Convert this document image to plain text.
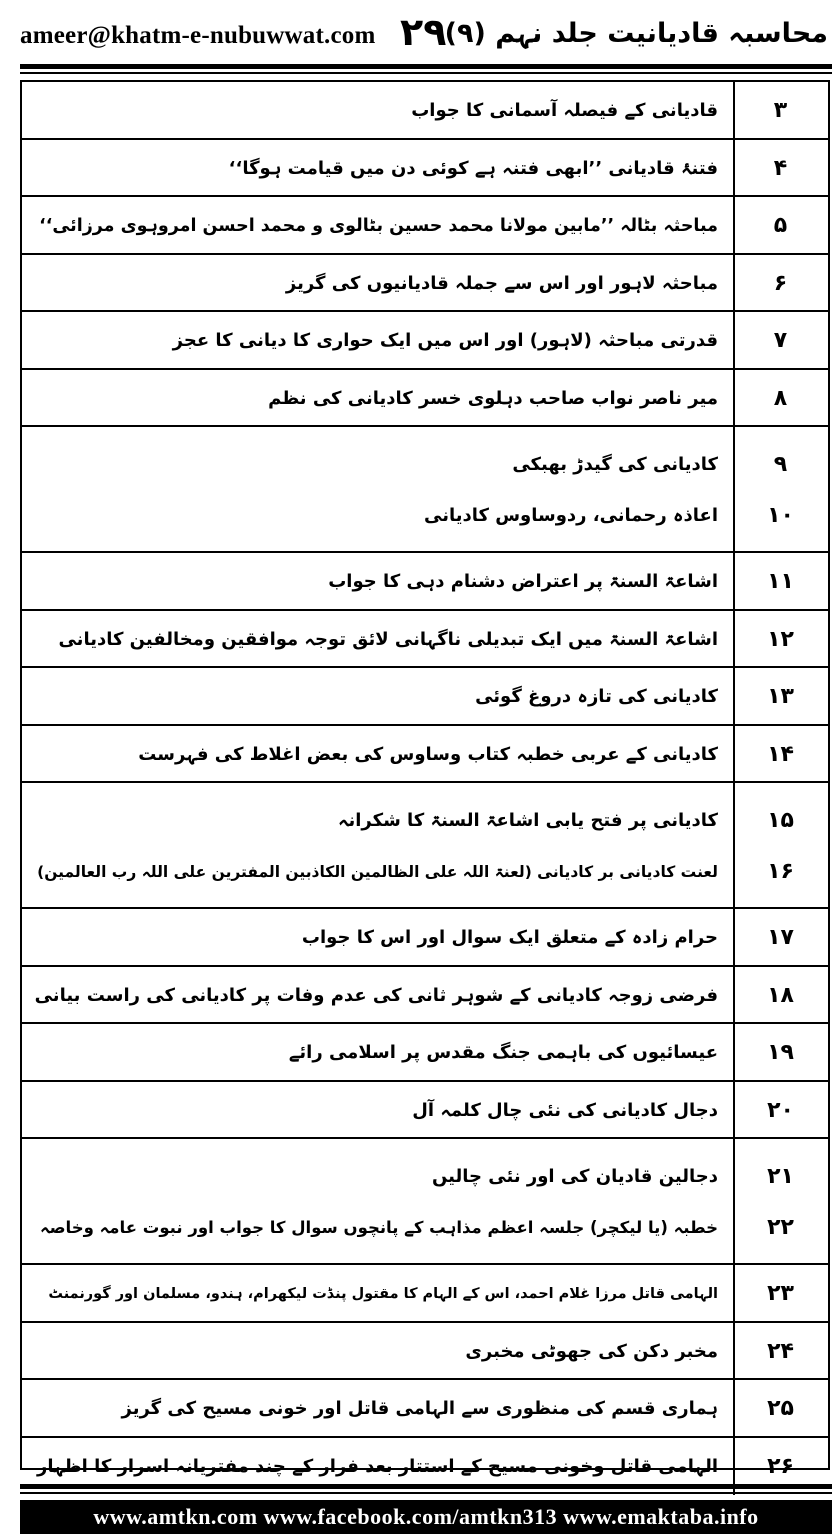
ameer@khatm-e-nubuwwat.com ۲۹
محاسبہ قادیانیت جلد نہم (۹)
۳
قادیانی کے فیصلہ آسمانی کا جواب
۴
فتنۂ قادیانی ’’ابھی فتنہ ہے کوئی دن میں قیامت ہوگا‘‘
۵
مباحثہ بٹالہ ’’مابین مولانا محمد حسین بٹالوی و محمد احسن امروہوی مرزائی‘‘
۶
مباحثہ لاہور اور اس سے جملہ قادیانیوں کی گریز
۷
قدرتی مباحثہ (لاہور) اور اس میں ایک حواری کا دیانی کا عجز
۸
میر ناصر نواب صاحب دہلوی خسر کادیانی کی نظم
۹
کادیانی کی گیدڑ بھبکی
۱۰
اعاذہ رحمانی، ردوساوس کادیانی
۱۱
اشاعۃ السنۃ پر اعتراض دشنام دہی کا جواب
۱۲
اشاعۃ السنۃ میں ایک تبدیلی ناگہانی لائق توجہ موافقین ومخالفین کادیانی
۱۳
کادیانی کی تازہ دروغ گوئی
۱۴
کادیانی کے عربی خطبہ کتاب وساوس کی بعض اغلاط کی فہرست
۱۵
کادیانی پر فتح یابی اشاعۃ السنۃ کا شکرانہ
۱۶
لعنت کادیانی بر کادیانی (لعنۃ اللہ علی الظالمین الکاذبین المفترین علی اللہ رب العالمین)
۱۷
حرام زادہ کے متعلق ایک سوال اور اس کا جواب
۱۸
فرضی زوجہ کادیانی کے شوہر ثانی کی عدم وفات پر کادیانی کی راست بیانی
۱۹
عیسائیوں کی باہمی جنگ مقدس پر اسلامی رائے
۲۰
دجال کادیانی کی نئی چال کلمہ آل
۲۱
دجالین قادیان کی اور نئی چالیں
۲۲
خطبہ (یا لیکچر) جلسہ اعظم مذاہب کے پانچوں سوال کا جواب اور نبوت عامہ وخاصہ
۲۳
الہامی قاتل مرزا غلام احمد، اس کے الہام کا مقتول پنڈت لیکھرام، ہندو، مسلمان اور گورنمنٹ
۲۴
مخبر دکن کی جھوٹی مخبری
۲۵
ہماری قسم کی منظوری سے الہامی قاتل اور خونی مسیح کی گریز
۲۶
الہامی قاتل وخونی مسیح کے استتار بعد فرار کے چند مفتریانہ اسرار کا اظہار
www.amtkn.com www.facebook.com/amtkn313 www.emaktaba.info
